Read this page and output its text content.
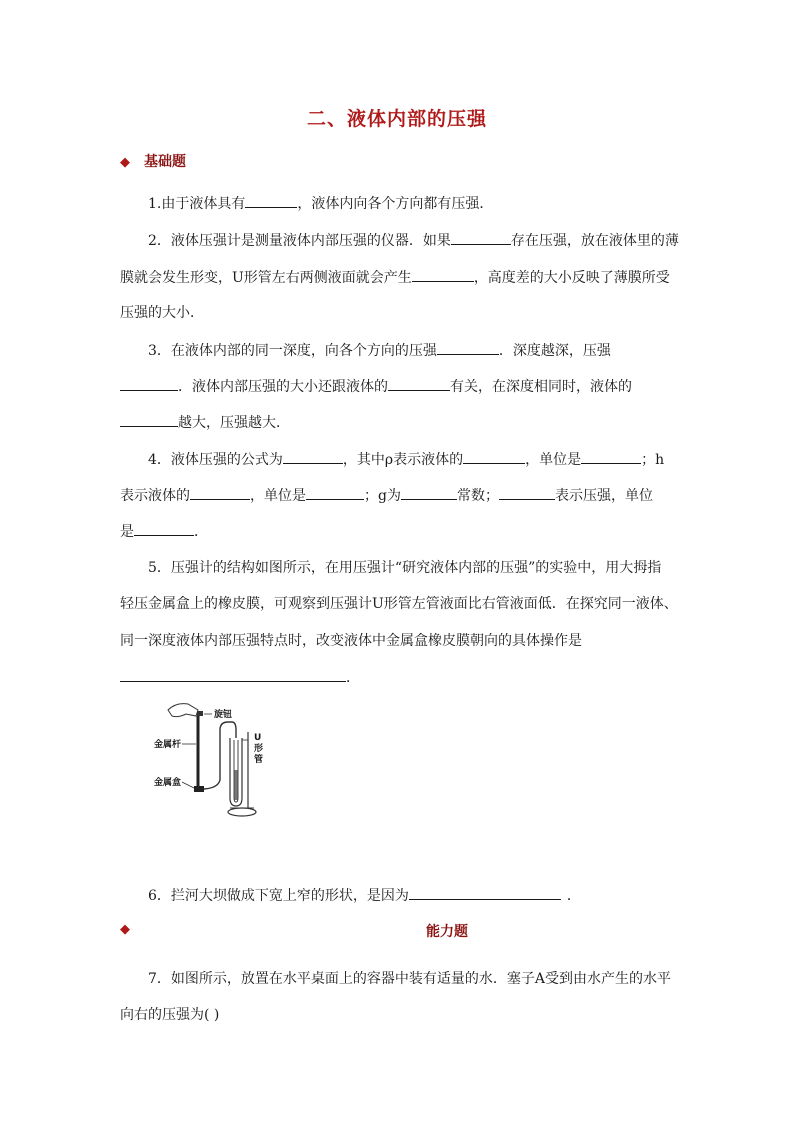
二、液体内部的压强
◆ 基础题
1.由于液体具有	，液体内向各个方向都有压强．
2．液体压强计是测量液体内部压强的仪器．如果	存在压强，放在液体里的薄
膜就会发生形变，U形管左右两侧液面就会产生	，高度差的大小反映了薄膜所受
压强的大小．
3．在液体内部的同一深度，向各个方向的压强	．深度越深，压强
．液体内部压强的大小还跟液体的	有关，在深度相同时，液体的
越大，压强越大．
4．液体压强的公式为	，其中ρ表示液体的	，单位是	；h
表示液体的	，单位是	；g为	常数；	表示压强，单位
是	．
5．压强计的结构如图所示，在用压强计“研究液体内部的压强”的实验中，用大拇指
轻压金属盒上的橡皮膜，可观察到压强计U形管左管液面比右管液面低．在探究同一液体、
同一深度液体内部压强特点时，改变液体中金属盒橡皮膜朝向的具体操作是
．
旋钮
金属杆
金属盒
U
形
管
6．拦河大坝做成下宽上窄的形状，是因为	．
◆	能力题
7．如图所示，放置在水平桌面上的容器中装有适量的水．塞子A受到由水产生的水平
向右的压强为( )
